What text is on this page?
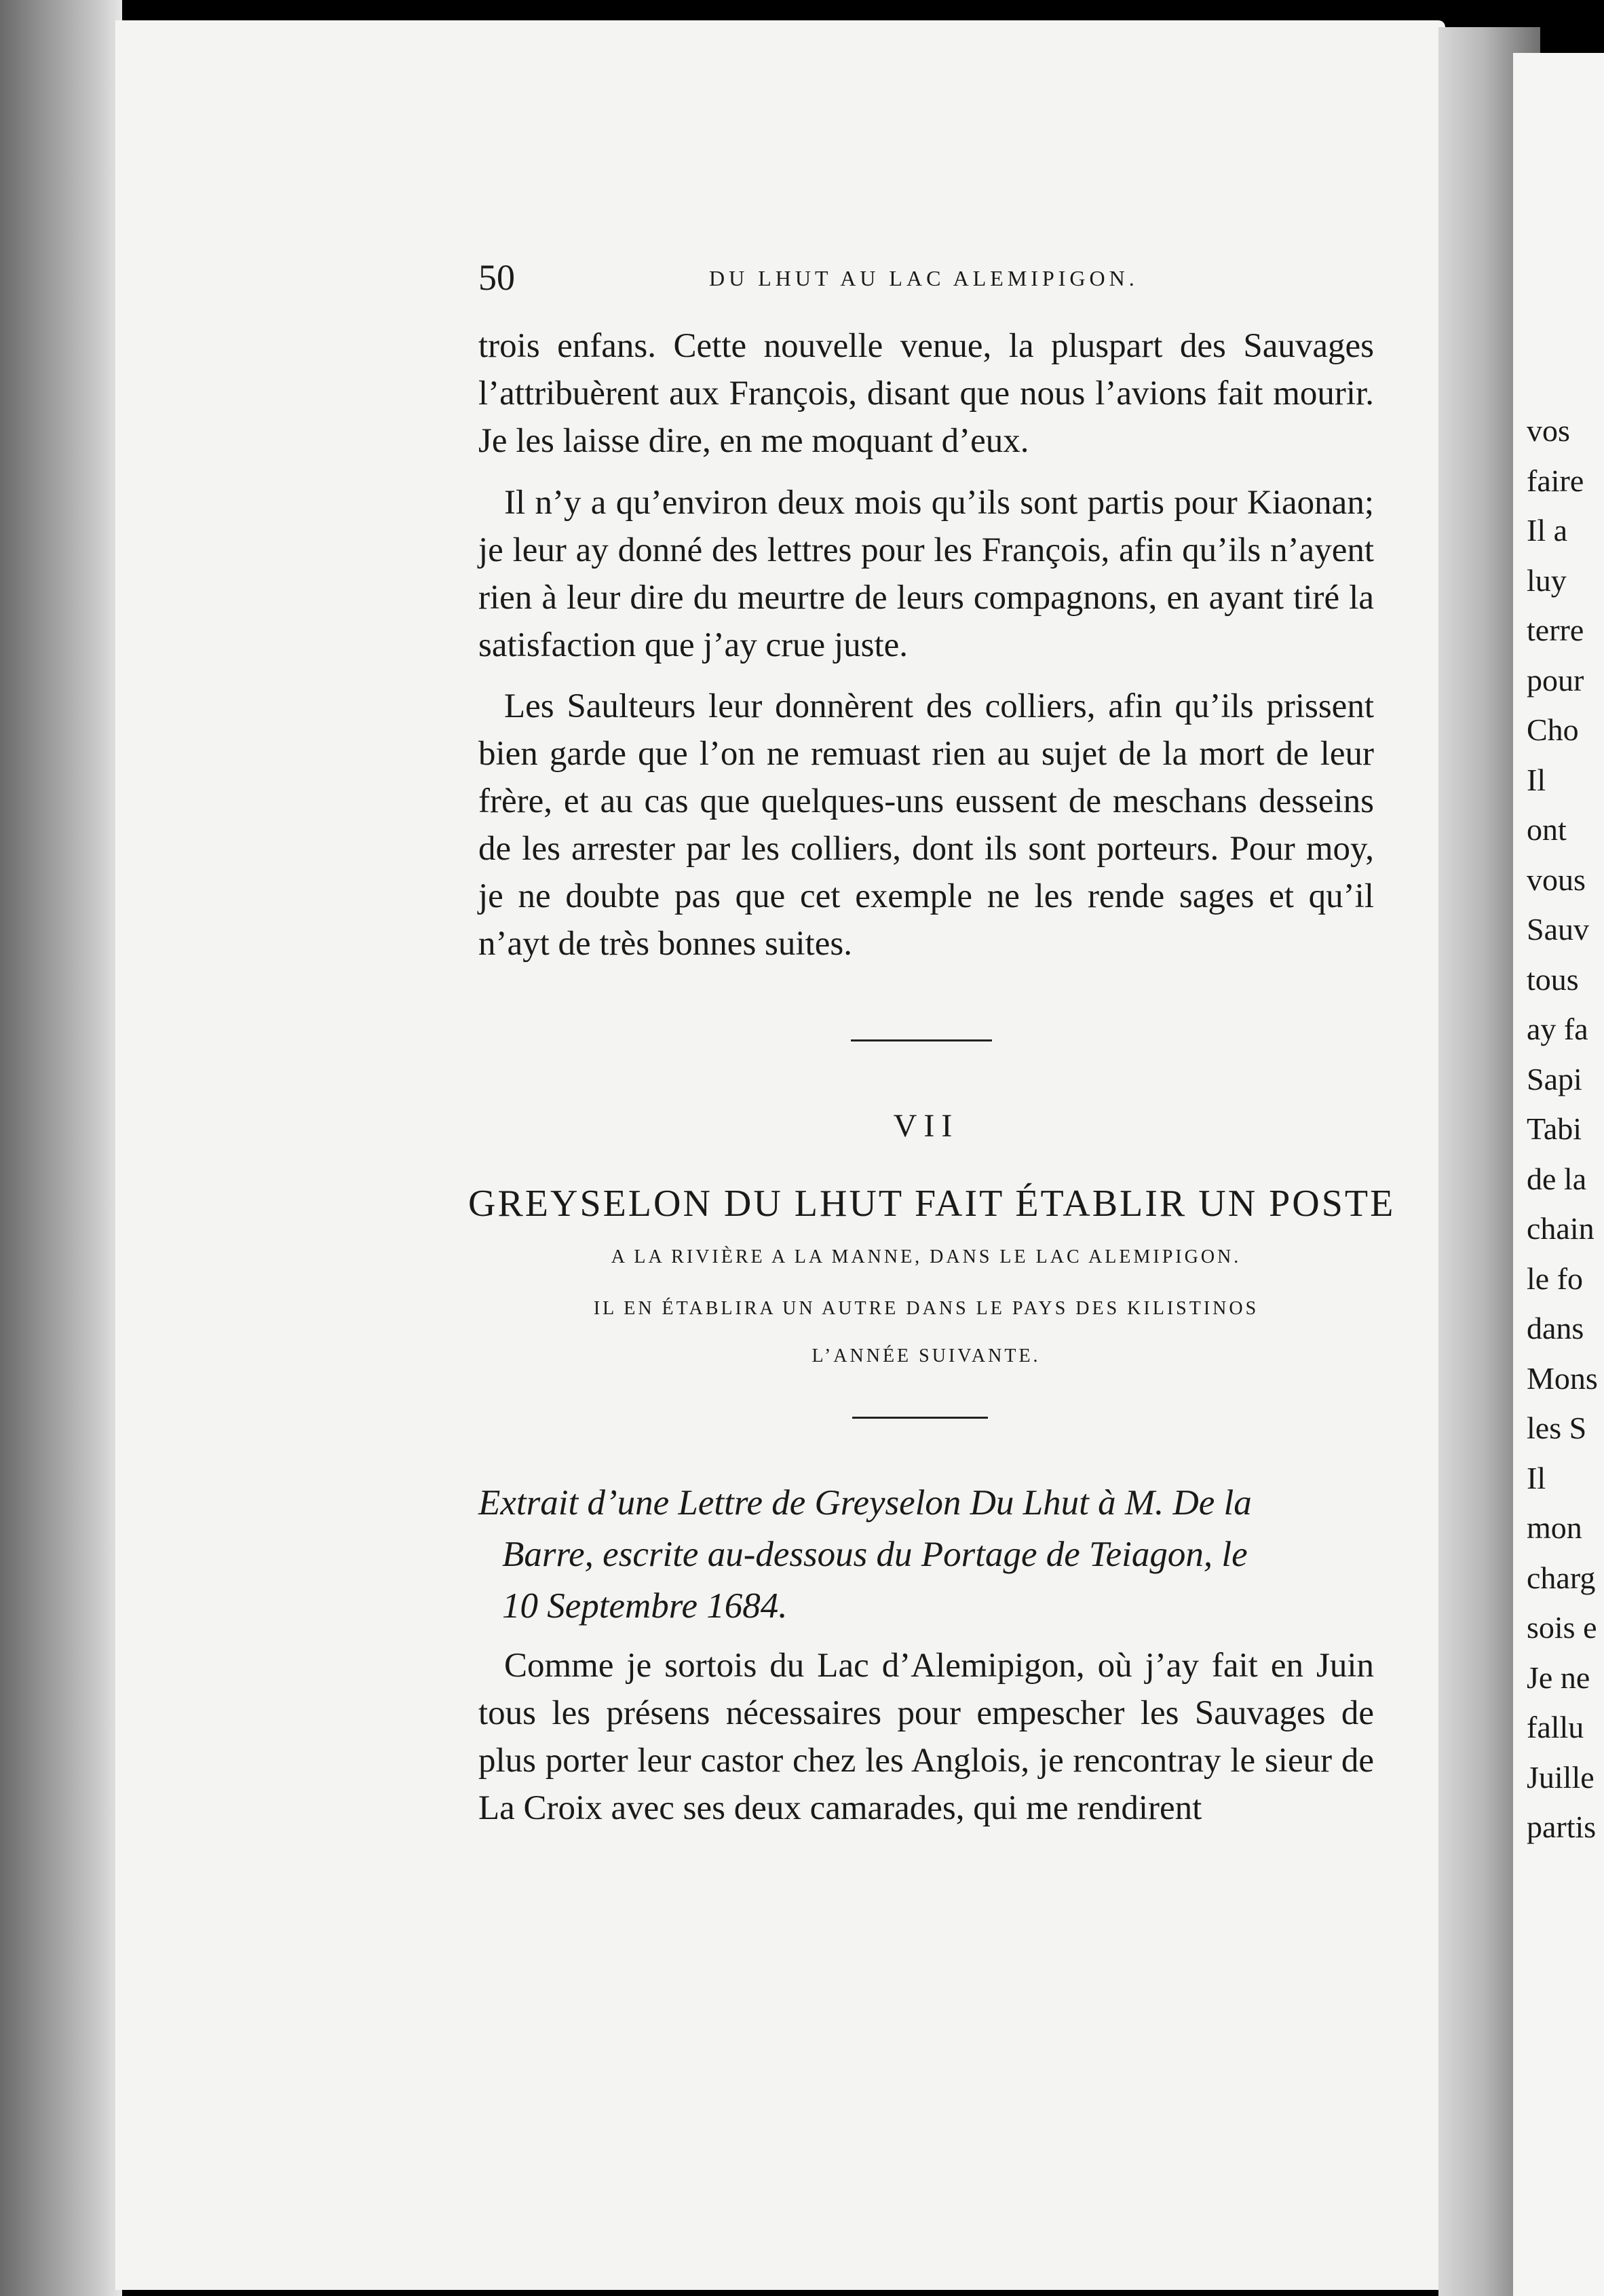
vos
faire
Il a
luy
terre
pour
Cho
Il
ont
vous
Sauv
tous
ay fa
Sapi
Tabi
de la
chain
le fo
dans
Mons
les S
Il
mon
charg
sois e
Je ne
fallu
Juille
partis
50	DU LHUT AU LAC ALEMIPIGON.

trois enfans. Cette nouvelle venue, la pluspart des Sauvages l’attribuèrent aux François, disant que nous l’avions fait mourir. Je les laisse dire, en me moquant d’eux.

Il n’y a qu’environ deux mois qu’ils sont partis pour Kiaonan; je leur ay donné des lettres pour les François, afin qu’ils n’ayent rien à leur dire du meurtre de leurs compagnons, en ayant tiré la satisfaction que j’ay crue juste.

Les Saulteurs leur donnèrent des colliers, afin qu’ils prissent bien garde que l’on ne remuast rien au sujet de la mort de leur frère, et au cas que quelques-uns eussent de meschans desseins de les arrester par les colliers, dont ils sont porteurs. Pour moy, je ne doubte pas que cet exemple ne les rende sages et qu’il n’ayt de très bonnes suites.

VII
GREYSELON DU LHUT FAIT ÉTABLIR UN POSTE
A LA RIVIÈRE A LA MANNE, DANS LE LAC ALEMIPIGON.
IL EN ÉTABLIRA UN AUTRE DANS LE PAYS DES KILISTINOS
L’ANNÉE SUIVANTE.
Extrait d’une Lettre de Greyselon Du Lhut à M. De la
Barre, escrite au-dessous du Portage de Teiagon, le
10 Septembre 1684.

Comme je sortois du Lac d’Alemipigon, où j’ay fait en Juin tous les présens nécessaires pour empescher les Sauvages de plus porter leur castor chez les Anglois, je rencontray le sieur de La Croix avec ses deux camarades, qui me rendirent
